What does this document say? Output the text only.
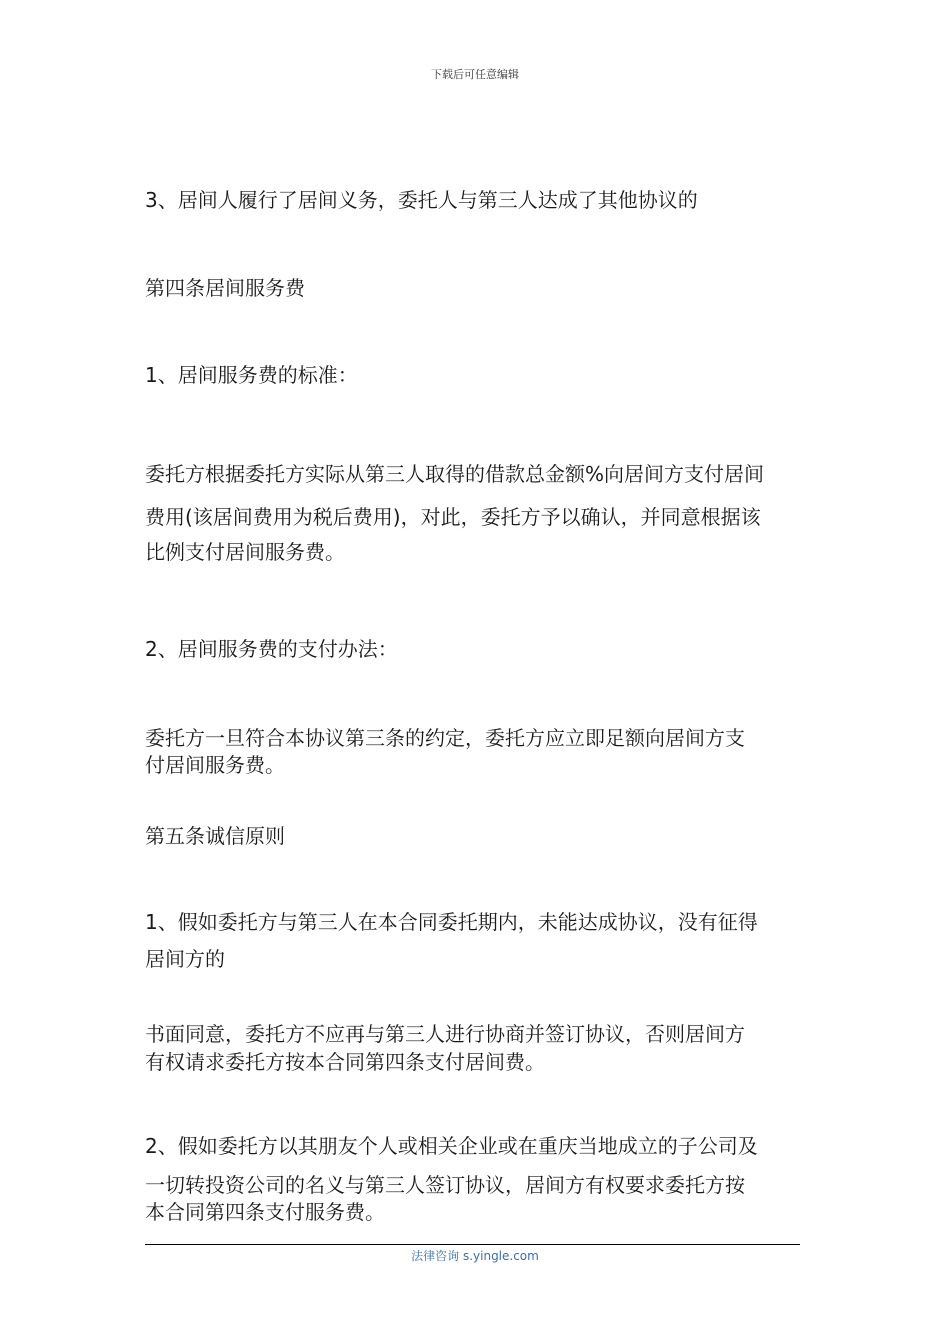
下载后可任意编辑

3、居间人履行了居间义务，委托人与第三人达成了其他协议的

第四条居间服务费

1、居间服务费的标准：

委托方根据委托方实际从第三人取得的借款总金额%向居间方支付居间
费用(该居间费用为税后费用)，对此，委托方予以确认，并同意根据该
比例支付居间服务费。

2、居间服务费的支付办法：

委托方一旦符合本协议第三条的约定，委托方应立即足额向居间方支
付居间服务费。

第五条诚信原则

1、假如委托方与第三人在本合同委托期内，未能达成协议，没有征得
居间方的
书面同意，委托方不应再与第三人进行协商并签订协议，否则居间方
有权请求委托方按本合同第四条支付居间费。
2、假如委托方以其朋友个人或相关企业或在重庆当地成立的子公司及
一切转投资公司的名义与第三人签订协议，居间方有权要求委托方按
本合同第四条支付服务费。
法律咨询 s.yingle.com
